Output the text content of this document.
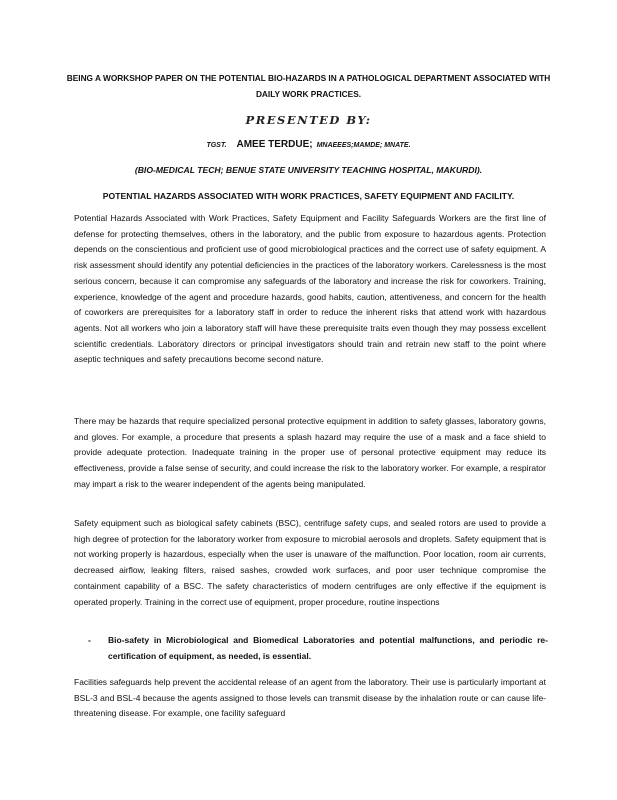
BEING A WORKSHOP PAPER ON THE POTENTIAL BIO-HAZARDS IN A PATHOLOGICAL DEPARTMENT ASSOCIATED WITH DAILY WORK PRACTICES.
PRESENTED BY:
TGST. AMEE TERDUE; MNAEEES;MAMDE; MNATE.
(BIO-MEDICAL TECH; BENUE STATE UNIVERSITY TEACHING HOSPITAL, MAKURDI).
POTENTIAL HAZARDS ASSOCIATED WITH WORK PRACTICES, SAFETY EQUIPMENT AND FACILITY.
Potential Hazards Associated with Work Practices, Safety Equipment and Facility Safeguards Workers are the first line of defense for protecting themselves, others in the laboratory, and the public from exposure to hazardous agents. Protection depends on the conscientious and proficient use of good microbiological practices and the correct use of safety equipment. A risk assessment should identify any potential deficiencies in the practices of the laboratory workers. Carelessness is the most serious concern, because it can compromise any safeguards of the laboratory and increase the risk for coworkers. Training, experience, knowledge of the agent and procedure hazards, good habits, caution, attentiveness, and concern for the health of coworkers are prerequisites for a laboratory staff in order to reduce the inherent risks that attend work with hazardous agents. Not all workers who join a laboratory staff will have these prerequisite traits even though they may possess excellent scientific credentials. Laboratory directors or principal investigators should train and retrain new staff to the point where aseptic techniques and safety precautions become second nature.
There may be hazards that require specialized personal protective equipment in addition to safety glasses, laboratory gowns, and gloves. For example, a procedure that presents a splash hazard may require the use of a mask and a face shield to provide adequate protection. Inadequate training in the proper use of personal protective equipment may reduce its effectiveness, provide a false sense of security, and could increase the risk to the laboratory worker. For example, a respirator may impart a risk to the wearer independent of the agents being manipulated.
Safety equipment such as biological safety cabinets (BSC), centrifuge safety cups, and sealed rotors are used to provide a high degree of protection for the laboratory worker from exposure to microbial aerosols and droplets. Safety equipment that is not working properly is hazardous, especially when the user is unaware of the malfunction. Poor location, room air currents, decreased airflow, leaking filters, raised sashes, crowded work surfaces, and poor user technique compromise the containment capability of a BSC. The safety characteristics of modern centrifuges are only effective if the equipment is operated properly. Training in the correct use of equipment, proper procedure, routine inspections
- Bio-safety in Microbiological and Biomedical Laboratories and potential malfunctions, and periodic re-certification of equipment, as needed, is essential.
Facilities safeguards help prevent the accidental release of an agent from the laboratory. Their use is particularly important at BSL-3 and BSL-4 because the agents assigned to those levels can transmit disease by the inhalation route or can cause life-threatening disease. For example, one facility safeguard
